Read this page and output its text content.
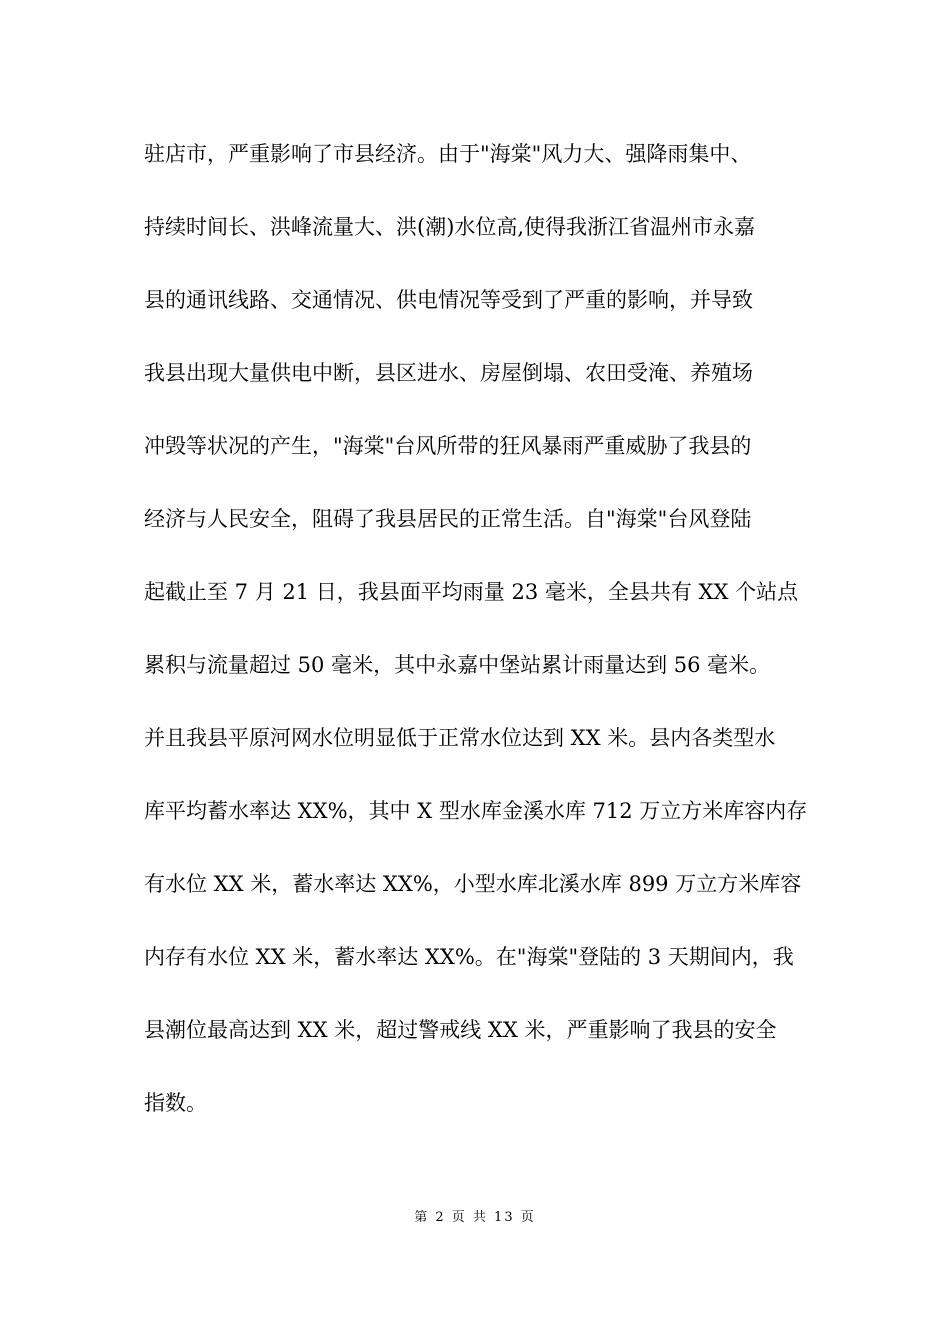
驻店市，严重影响了市县经济。由于"海棠"风力大、强降雨集中、
持续时间长、洪峰流量大、洪(潮)水位高,使得我浙江省温州市永嘉
县的通讯线路、交通情况、供电情况等受到了严重的影响，并导致
我县出现大量供电中断，县区进水、房屋倒塌、农田受淹、养殖场
冲毁等状况的产生，"海棠"台风所带的狂风暴雨严重威胁了我县的
经济与人民安全，阻碍了我县居民的正常生活。自"海棠"台风登陆
起截止至 7 月 21 日，我县面平均雨量 23 毫米，全县共有 XX 个站点
累积与流量超过 50 毫米，其中永嘉中堡站累计雨量达到 56 毫米。
并且我县平原河网水位明显低于正常水位达到 XX 米。县内各类型水
库平均蓄水率达 XX%，其中 X 型水库金溪水库 712 万立方米库容内存
有水位 XX 米，蓄水率达 XX%，小型水库北溪水库 899 万立方米库容
内存有水位 XX 米，蓄水率达 XX%。在"海棠"登陆的 3 天期间内，我
县潮位最高达到 XX 米，超过警戒线 XX 米，严重影响了我县的安全
指数。
第 2 页 共 13 页
